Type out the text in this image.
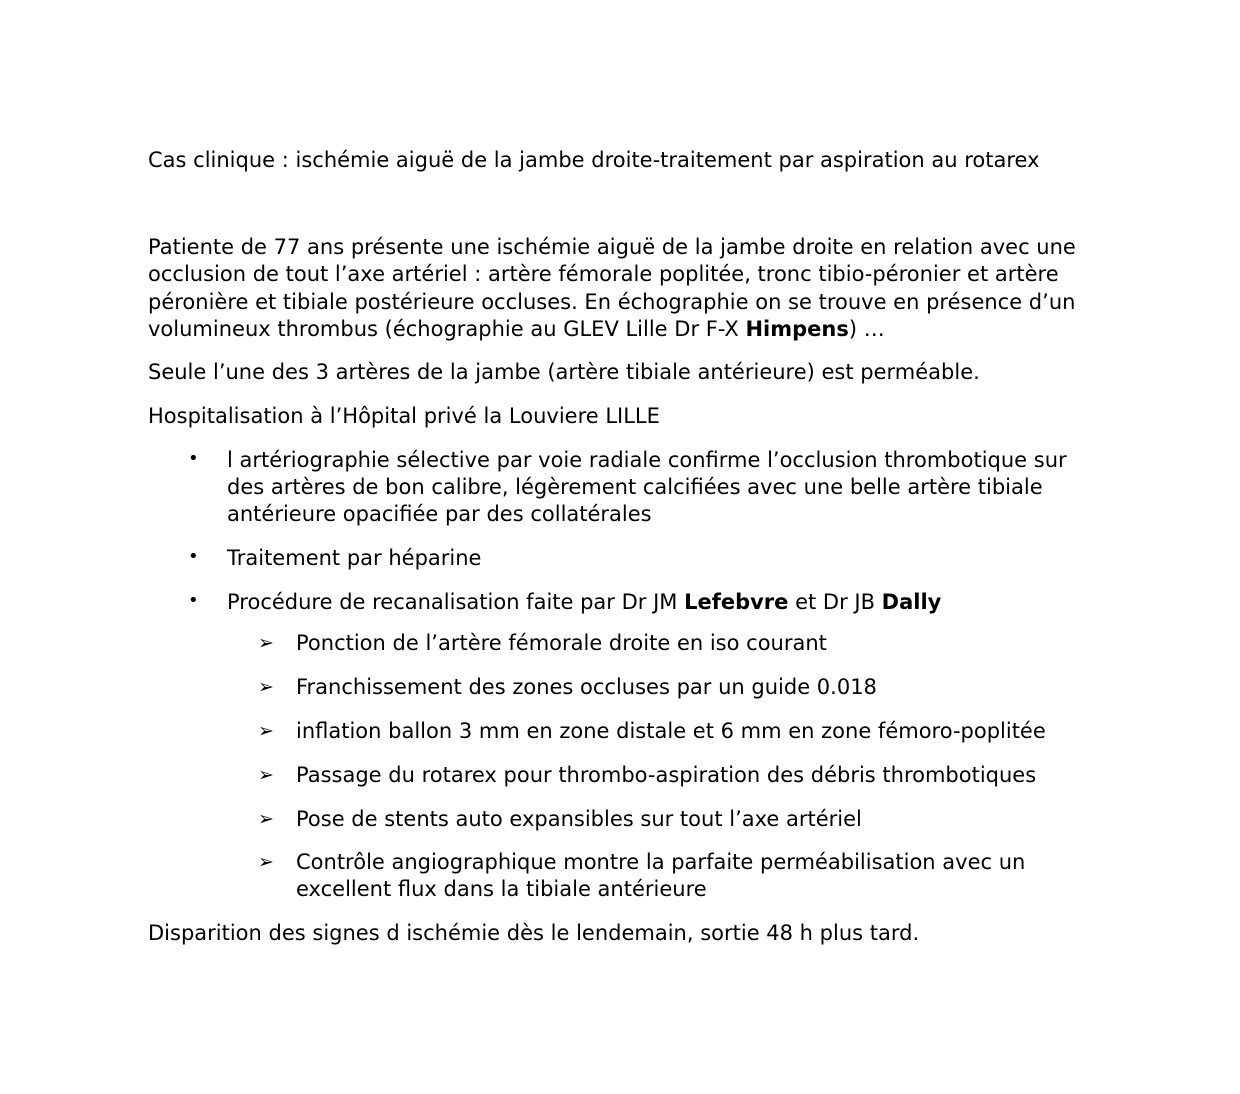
Cas clinique : ischémie aiguë de la jambe droite-traitement par aspiration au rotarex
Patiente de 77 ans présente une ischémie aiguë de la jambe droite en relation avec une occlusion de tout l’axe artériel : artère fémorale poplitée, tronc tibio-péronier et artère péronière et tibiale postérieure occluses. En échographie on se trouve en présence d’un volumineux thrombus (échographie au GLEV Lille Dr F-X Himpens) …
Seule l’une des 3 artères de la jambe (artère tibiale antérieure) est perméable.
Hospitalisation à l’Hôpital privé la Louviere LILLE
• l artériographie sélective par voie radiale confirme l’occlusion thrombotique sur des artères de bon calibre, légèrement calcifiées avec une belle artère tibiale antérieure opacifiée par des collatérales
• Traitement par héparine
• Procédure de recanalisation faite par Dr JM Lefebvre et Dr JB Dally
➢ Ponction de l’artère fémorale droite en iso courant
➢ Franchissement des zones occluses par un guide 0.018
➢ inflation ballon 3 mm en zone distale et 6 mm en zone fémoro-poplitée
➢ Passage du rotarex pour thrombo-aspiration des débris thrombotiques
➢ Pose de stents auto expansibles sur tout l’axe artériel
➢ Contrôle angiographique montre la parfaite perméabilisation avec un excellent flux dans la tibiale antérieure
Disparition des signes d ischémie dès le lendemain, sortie 48 h plus tard.
